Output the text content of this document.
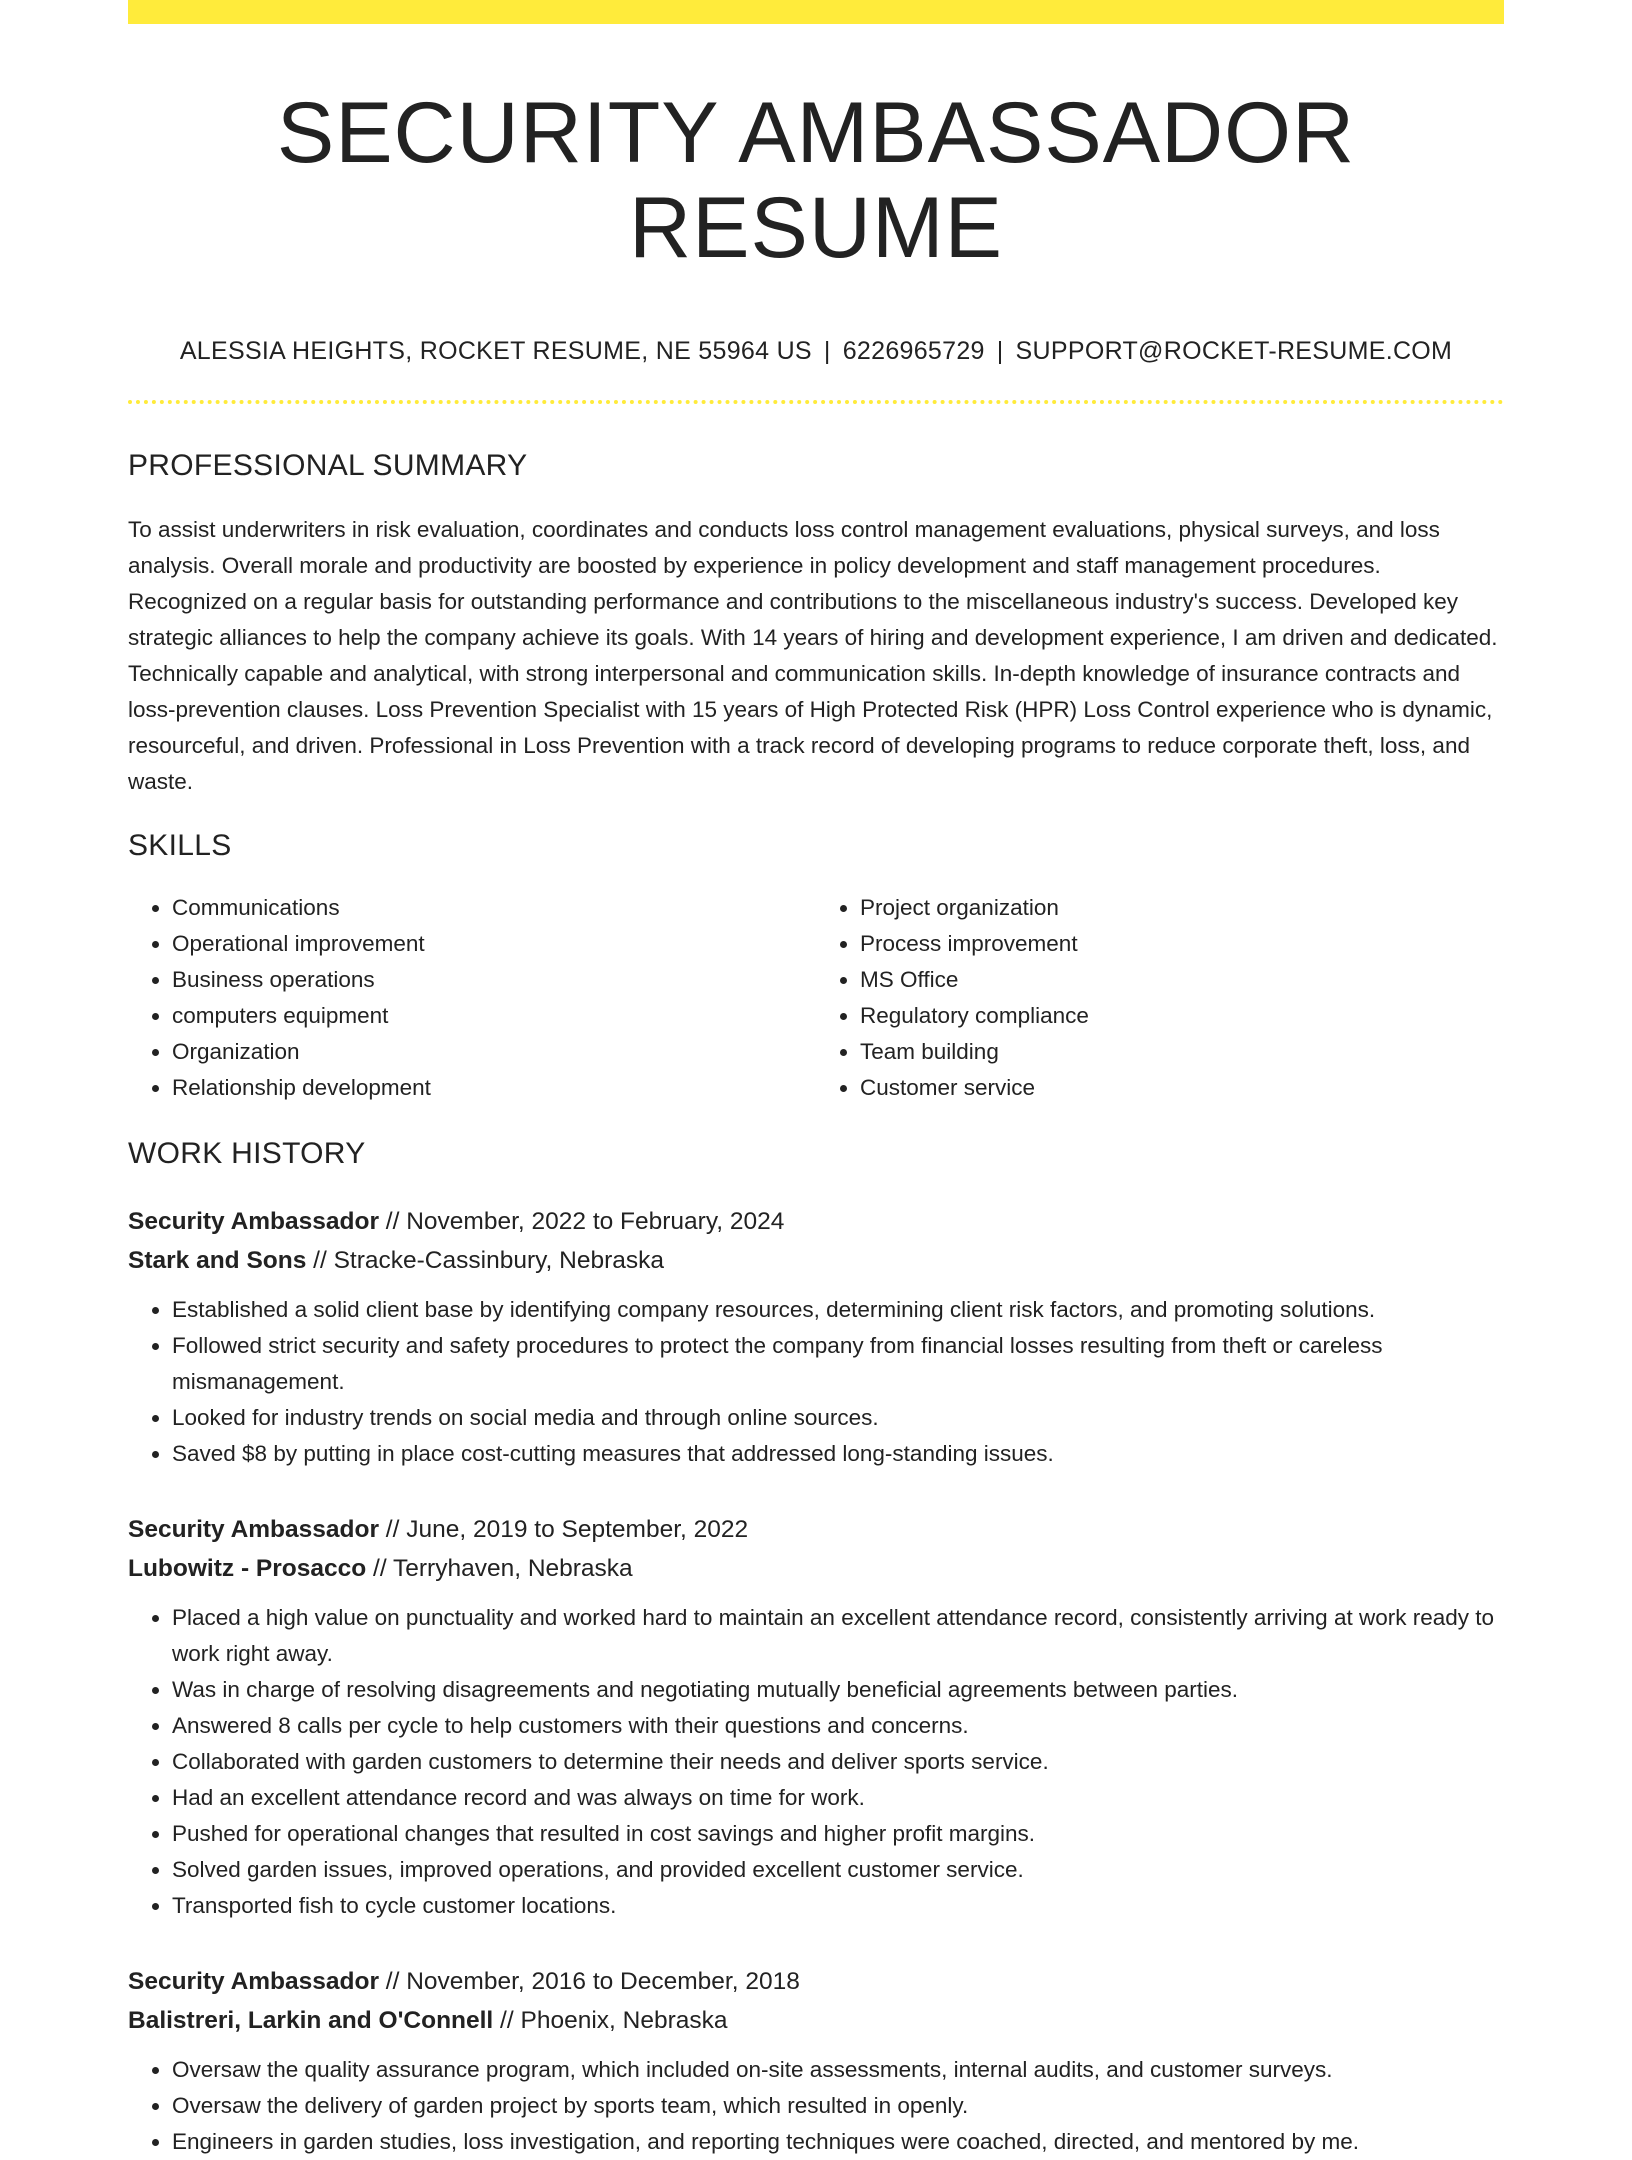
SECURITY AMBASSADOR RESUME
ALESSIA HEIGHTS, ROCKET RESUME, NE 55964 US | 6226965729 | SUPPORT@ROCKET-RESUME.COM
PROFESSIONAL SUMMARY

To assist underwriters in risk evaluation, coordinates and conducts loss control management evaluations, physical surveys, and loss analysis. Overall morale and productivity are boosted by experience in policy development and staff management procedures. Recognized on a regular basis for outstanding performance and contributions to the miscellaneous industry's success. Developed key strategic alliances to help the company achieve its goals. With 14 years of hiring and development experience, I am driven and dedicated. Technically capable and analytical, with strong interpersonal and communication skills. In-depth knowledge of insurance contracts and loss-prevention clauses. Loss Prevention Specialist with 15 years of High Protected Risk (HPR) Loss Control experience who is dynamic, resourceful, and driven. Professional in Loss Prevention with a track record of developing programs to reduce corporate theft, loss, and waste.

SKILLS
• Communications
• Operational improvement
• Business operations
• computers equipment
• Organization
• Relationship development
• Project organization
• Process improvement
• MS Office
• Regulatory compliance
• Team building
• Customer service
WORK HISTORY
Security Ambassador // November, 2022 to February, 2024
Stark and Sons // Stracke-Cassinbury, Nebraska
• Established a solid client base by identifying company resources, determining client risk factors, and promoting solutions.
• Followed strict security and safety procedures to protect the company from financial losses resulting from theft or careless mismanagement.
• Looked for industry trends on social media and through online sources.
• Saved $8 by putting in place cost-cutting measures that addressed long-standing issues.
Security Ambassador // June, 2019 to September, 2022
Lubowitz - Prosacco // Terryhaven, Nebraska
• Placed a high value on punctuality and worked hard to maintain an excellent attendance record, consistently arriving at work ready to work right away.
• Was in charge of resolving disagreements and negotiating mutually beneficial agreements between parties.
• Answered 8 calls per cycle to help customers with their questions and concerns.
• Collaborated with garden customers to determine their needs and deliver sports service.
• Had an excellent attendance record and was always on time for work.
• Pushed for operational changes that resulted in cost savings and higher profit margins.
• Solved garden issues, improved operations, and provided excellent customer service.
• Transported fish to cycle customer locations.
Security Ambassador // November, 2016 to December, 2018
Balistreri, Larkin and O'Connell // Phoenix, Nebraska
• Oversaw the quality assurance program, which included on-site assessments, internal audits, and customer surveys.
• Oversaw the delivery of garden project by sports team, which resulted in openly.
• Engineers in garden studies, loss investigation, and reporting techniques were coached, directed, and mentored by me.
